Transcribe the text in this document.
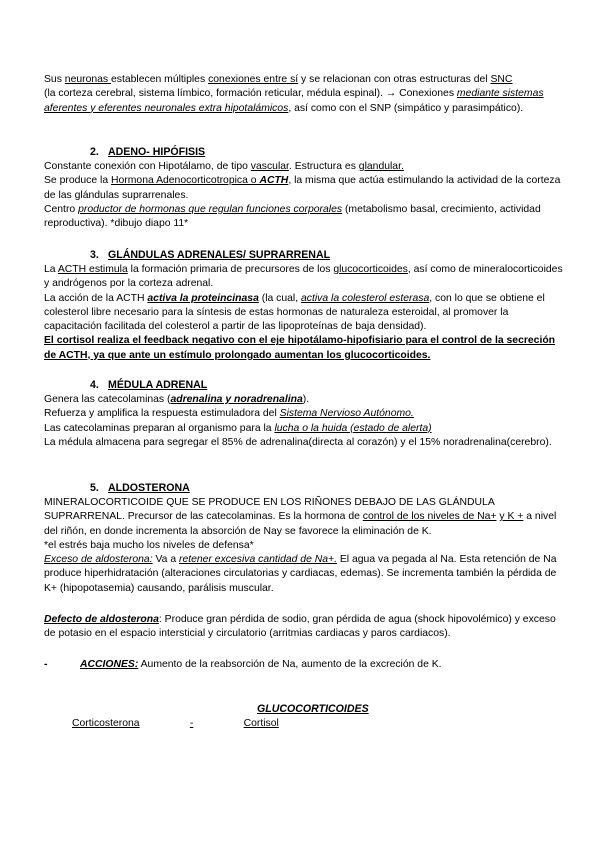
Sus neuronas establecen múltiples conexiones entre sí y se relacionan con otras estructuras del SNC
(la corteza cerebral, sistema límbico, formación reticular, médula espinal). → Conexiones mediante sistemas aferentes y eferentes neuronales extra hipotalámicos, así como con el SNP (simpático y parasimpático).

2. ADENO- HIPÓFISIS

Constante conexión con Hipotálamo, de tipo vascular. Estructura es glandular.
Se produce la Hormona Adenocorticotropica o ACTH, la misma que actúa estimulando la actividad de la corteza de las glándulas suprarrenales.
Centro productor de hormonas que regulan funciones corporales (metabolismo basal, crecimiento, actividad reproductiva). *dibujo diapo 11*

3. GLÁNDULAS ADRENALES/ SUPRARRENAL

La ACTH estimula la formación primaria de precursores de los glucocorticoides, así como de mineralocorticoides y andrógenos por la corteza adrenal.
La acción de la ACTH activa la proteincinasa (la cual, activa la colesterol esterasa, con lo que se obtiene el colesterol libre necesario para la síntesis de estas hormonas de naturaleza esteroidal, al promover la capacitación facilitada del colesterol a partir de las lipoproteínas de baja densidad).
El cortisol realiza el feedback negativo con el eje hipotálamo-hipofisiario para el control de la secreción de ACTH, ya que ante un estímulo prolongado aumentan los glucocorticoides.

4. MÉDULA ADRENAL

Genera las catecolaminas (adrenalina y noradrenalina).
Refuerza y amplifica la respuesta estimuladora del Sistema Nervioso Autónomo.
Las catecolaminas preparan al organismo para la lucha o la huida (estado de alerta)
La médula almacena para segregar el 85% de adrenalina(directa al corazón) y el 15% noradrenalina(cerebro).

5. ALDOSTERONA

MINERALOCORTICOIDE QUE SE PRODUCE EN LOS RIÑONES DEBAJO DE LAS GLÁNDULA SUPRARRENAL. Precursor de las catecolaminas. Es la hormona de control de los niveles de Na+ y K + a nivel del riñón, en donde incrementa la absorción de Nay se favorece la eliminación de K.
*el estrés baja mucho los niveles de defensa*
Exceso de aldosterona: Va a retener excesiva cantidad de Na+. El agua va pegada al Na. Esta retención de Na produce hiperhidratación (alteraciones circulatorias y cardiacas, edemas). Se incrementa también la pérdida de K+ (hipopotasemia) causando, parálisis muscular.

Defecto de aldosterona: Produce gran pérdida de sodio, gran pérdida de agua (shock hipovolémico) y exceso de potasio en el espacio intersticial y circulatorio (arritmias cardiacas y paros cardiacos).

-	ACCIONES: Aumento de la reabsorción de Na, aumento de la excreción de K.

GLUCOCORTICOIDES

Corticosterona	-	Cortisol
